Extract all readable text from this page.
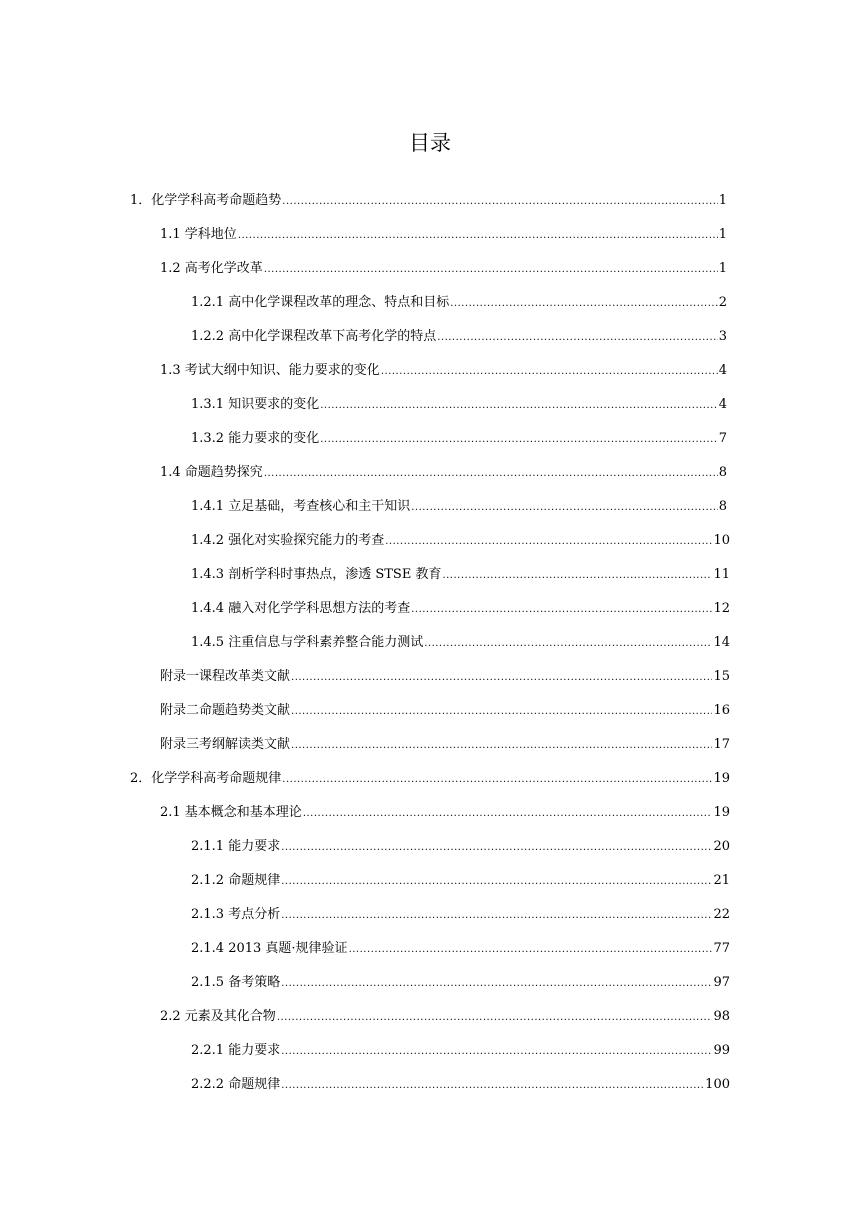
目录
1．化学学科高考命题趋势 .....	1
1.1 学科地位 .....	1
1.2 高考化学改革 .....	1
1.2.1 高中化学课程改革的理念、特点和目标 .....	2
1.2.2 高中化学课程改革下高考化学的特点 .....	3
1.3 考试大纲中知识、能力要求的变化 .....	4
1.3.1 知识要求的变化 .....	4
1.3.2 能力要求的变化 .....	7
1.4 命题趋势探究 .....	8
1.4.1 立足基础，考查核心和主干知识 .....	8
1.4.2 强化对实验探究能力的考查 .....	10
1.4.3 剖析学科时事热点，渗透 STSE 教育 .....	11
1.4.4 融入对化学学科思想方法的考查 .....	12
1.4.5 注重信息与学科素养整合能力测试 .....	14
附录一课程改革类文献 .....	15
附录二命题趋势类文献 .....	16
附录三考纲解读类文献 .....	17
2．化学学科高考命题规律 .....	19
2.1 基本概念和基本理论 .....	19
2.1.1 能力要求 .....	20
2.1.2 命题规律 .....	21
2.1.3 考点分析 .....	22
2.1.4 2013 真题·规律验证 .....	77
2.1.5 备考策略 .....	97
2.2 元素及其化合物 .....	98
2.2.1 能力要求 .....	99
2.2.2 命题规律 .....	100
